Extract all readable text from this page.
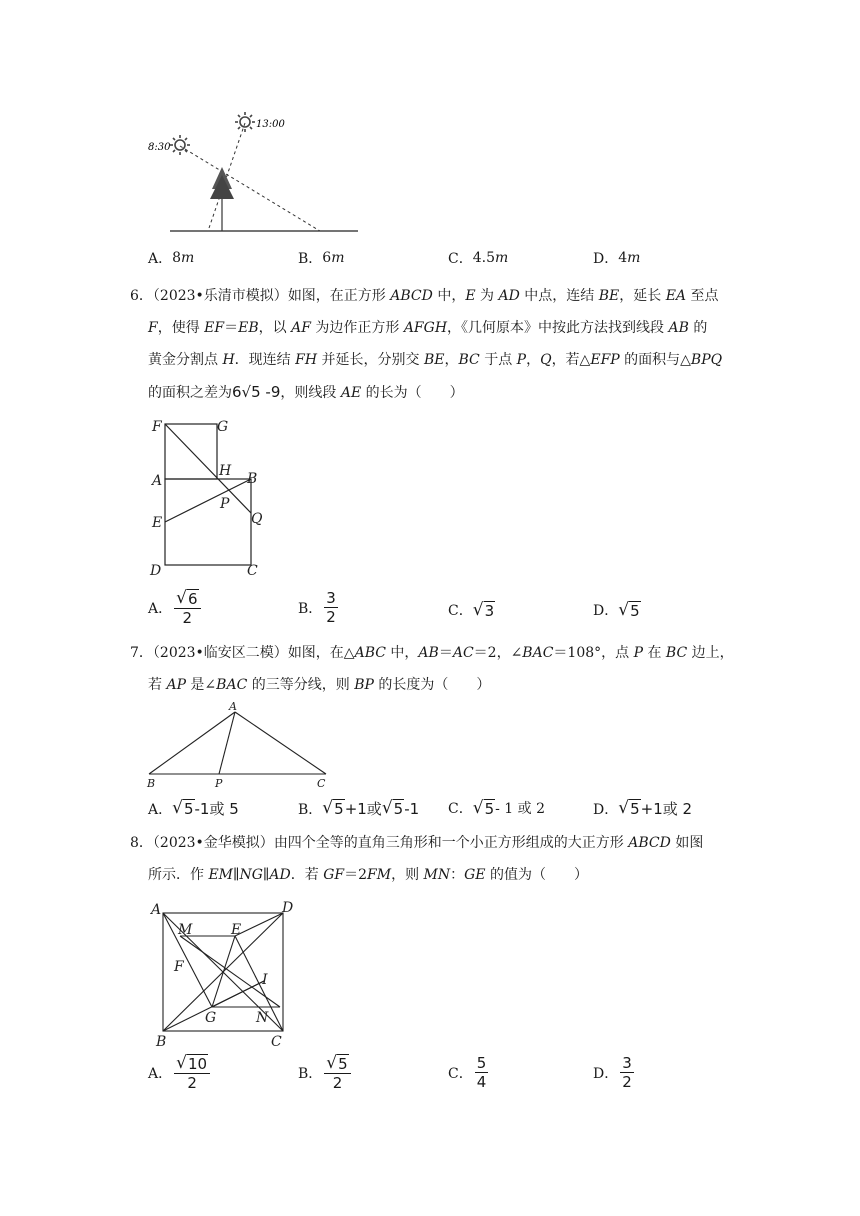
8:30
13:00
A． 8 m	B． 6 m	C． 4.5 m	D． 4 m
6．（2023•乐清市模拟）如图，在正方形 ABCD 中，E 为 AD 中点，连结 BE，延长 EA 至点
F，使得 EF＝EB，以 AF 为边作正方形 AFGH，《几何原本》中按此方法找到线段 AB 的
黄金分割点 H．现连结 FH 并延长，分别交 BE，BC 于点 P，Q，若△EFP 的面积与△BPQ
的面积之差为6√5 -9，则线段 AE 的长为（　　）
F	G
H
A	B
P
E	Q
D	C
A． $\frac{√ 6}{2}$	B． $\frac{3}{2}$	C． √ 3	D． √ 5
7．（2023•临安区二模）如图，在△ABC 中，AB＝AC＝2，∠BAC＝108°，点 P 在 BC 边上，
若 AP 是∠BAC 的三等分线，则 BP 的长度为（　　）
A
B	P	C
A． √ 5 -1或 5	B． √ 5 +1或 √ 5 -1 C． √ 5 - 1 或 2	D． √ 5 +1或 2
8．（2023•金华模拟）由四个全等的直角三角形和一个小正方形组成的大正方形 ABCD 如图
所示．作 EM∥NG∥AD．若 GF＝2FM，则 MN：GE 的值为（　　）
A	D
M	E
F
I
G	N
B	C
A． $\frac{√ 10}{2}$	B． $\frac{√ 5}{2}$	C． $\frac{5}{4}$	D． $\frac{3}{2}$
